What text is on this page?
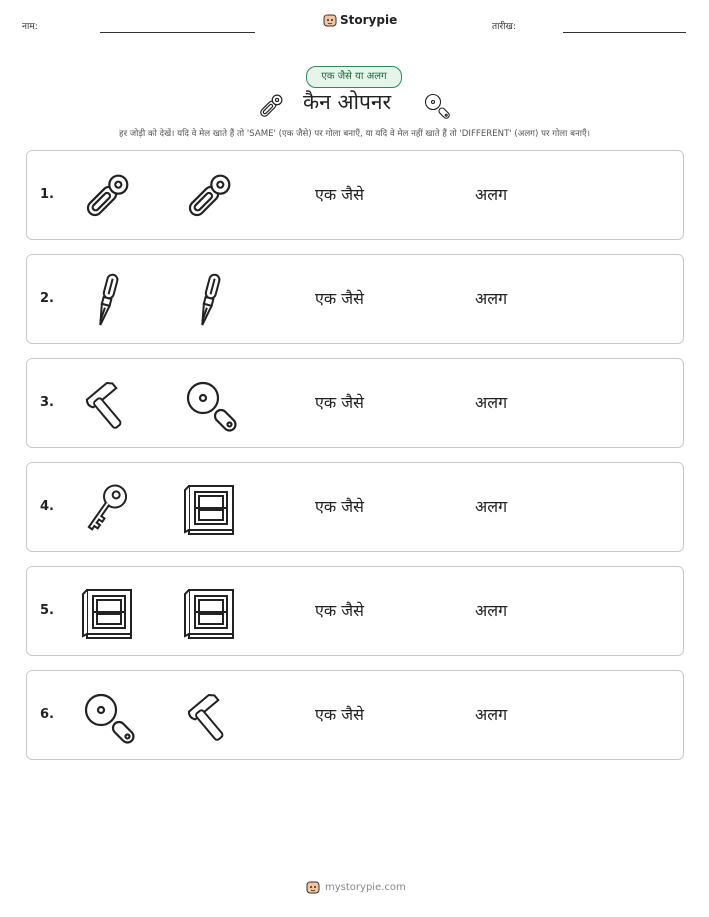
नाम:	Storypie	तारीख:
एक जैसे या अलग
कैन ओपनर
हर जोड़ी को देखें। यदि वे मेल खाते हैं तो 'SAME' (एक जैसे) पर गोला बनाएँ, या यदि वे मेल नहीं खाते हैं तो 'DIFFERENT' (अलग) पर गोला बनाएँ।
1.	एक जैसे	अलग
2.	एक जैसे	अलग
3.	एक जैसे	अलग
4.	एक जैसे	अलग
5.	एक जैसे	अलग
6.	एक जैसे	अलग
mystorypie.com
